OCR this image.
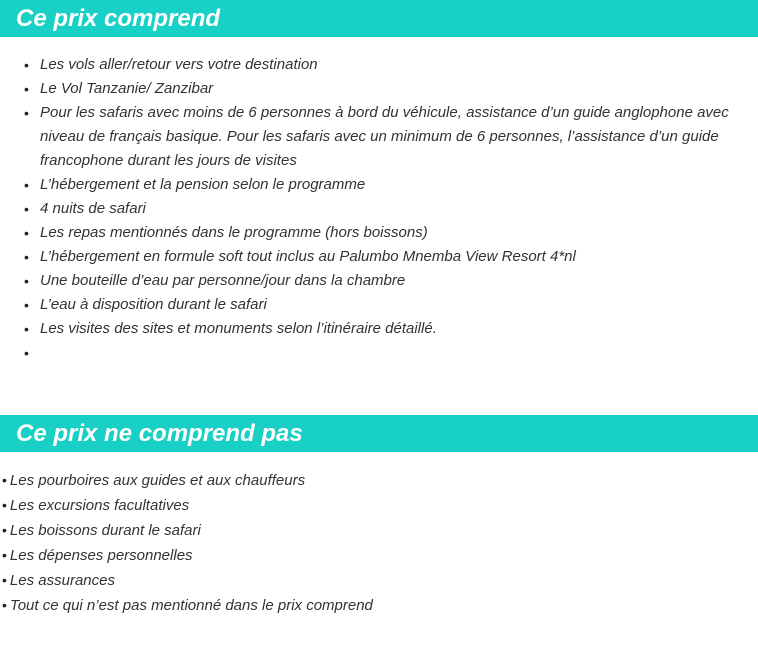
Ce prix comprend
• Les vols aller/retour vers votre destination
• Le Vol Tanzanie/ Zanzibar
• Pour les safaris avec moins de 6 personnes à bord du véhicule, assistance d’un guide anglophone avec niveau de français basique. Pour les safaris avec un minimum de 6 personnes, l’assistance d’un guide francophone durant les jours de visites
• L’hébergement et la pension selon le programme
• 4 nuits de safari
• Les repas mentionnés dans le programme (hors boissons)
• L’hébergement en formule soft tout inclus au Palumbo Mnemba View Resort 4*nl
• Une bouteille d’eau par personne/jour dans la chambre
• L’eau à disposition durant le safari
• Les visites des sites et monuments selon l’itinéraire détaillé.
•
Ce prix ne comprend pas
• Les pourboires aux guides et aux chauffeurs
• Les excursions facultatives
• Les boissons durant le safari
• Les dépenses personnelles
• Les assurances
• Tout ce qui n’est pas mentionné dans le prix comprend
